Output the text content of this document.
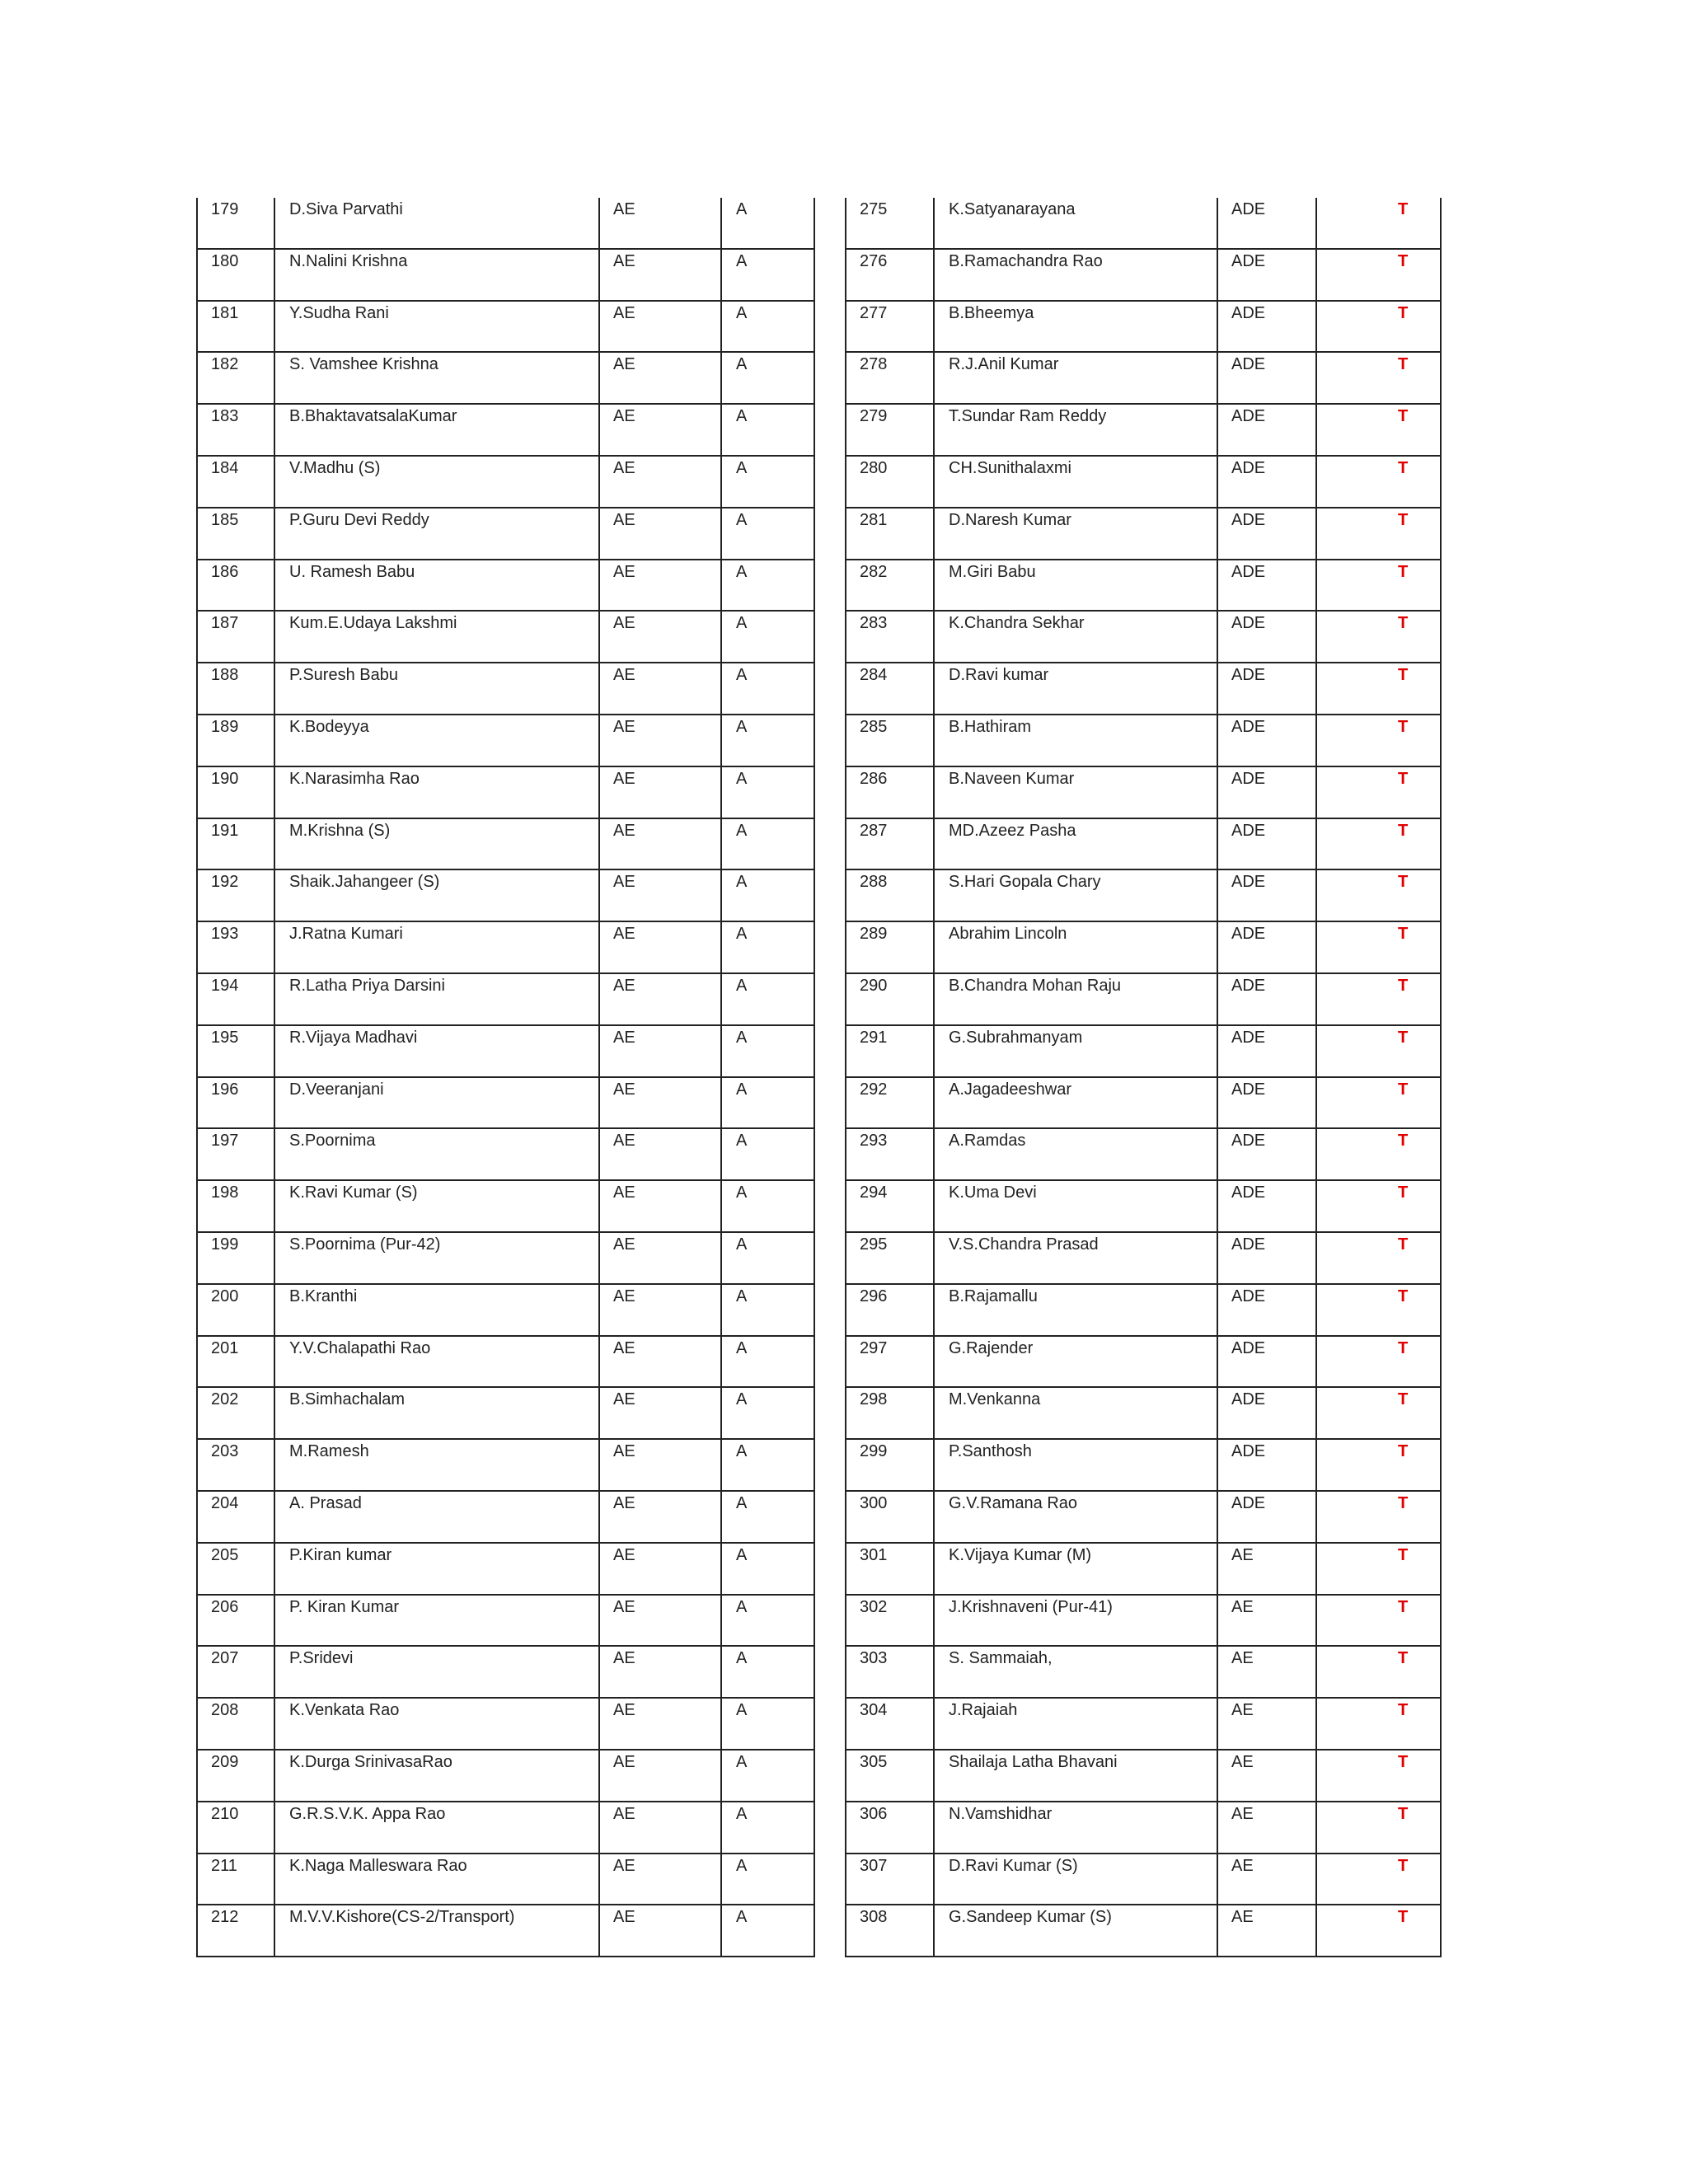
179	D.Siva Parvathi	AE	A

180	N.Nalini Krishna	AE	A

181	Y.Sudha Rani	AE	A

182	S. Vamshee Krishna	AE	A

183	B.BhaktavatsalaKumar	AE	A

184	V.Madhu (S)	AE	A

185	P.Guru Devi Reddy	AE	A

186	U. Ramesh Babu	AE	A

187	Kum.E.Udaya Lakshmi	AE	A

188	P.Suresh Babu	AE	A

189	K.Bodeyya	AE	A

190	K.Narasimha Rao	AE	A

191	M.Krishna (S)	AE	A

192	Shaik.Jahangeer (S)	AE	A

193	J.Ratna Kumari	AE	A

194	R.Latha Priya Darsini	AE	A

195	R.Vijaya Madhavi	AE	A

196	D.Veeranjani	AE	A

197	S.Poornima	AE	A

198	K.Ravi Kumar (S)	AE	A

199	S.Poornima (Pur-42)	AE	A

200	B.Kranthi	AE	A

201	Y.V.Chalapathi Rao	AE	A

202	B.Simhachalam	AE	A

203	M.Ramesh	AE	A

204	A. Prasad	AE	A

205	P.Kiran kumar	AE	A

206	P. Kiran Kumar	AE	A

207	P.Sridevi	AE	A

208	K.Venkata Rao	AE	A

209	K.Durga SrinivasaRao	AE	A

210	G.R.S.V.K. Appa Rao	AE	A

211	K.Naga Malleswara Rao	AE	A

212	M.V.V.Kishore(CS-2/Transport)	AE	A
275	K.Satyanarayana	ADE	T

276	B.Ramachandra Rao	ADE	T

277	B.Bheemya	ADE	T

278	R.J.Anil Kumar	ADE	T

279	T.Sundar Ram Reddy	ADE	T

280	CH.Sunithalaxmi	ADE	T

281	D.Naresh Kumar	ADE	T

282	M.Giri Babu	ADE	T

283	K.Chandra Sekhar	ADE	T

284	D.Ravi kumar	ADE	T

285	B.Hathiram	ADE	T

286	B.Naveen Kumar	ADE	T

287	MD.Azeez Pasha	ADE	T

288	S.Hari Gopala Chary	ADE	T

289	Abrahim Lincoln	ADE	T

290	B.Chandra Mohan Raju	ADE	T

291	G.Subrahmanyam	ADE	T

292	A.Jagadeeshwar	ADE	T

293	A.Ramdas	ADE	T

294	K.Uma Devi	ADE	T

295	V.S.Chandra Prasad	ADE	T

296	B.Rajamallu	ADE	T

297	G.Rajender	ADE	T

298	M.Venkanna	ADE	T

299	P.Santhosh	ADE	T

300	G.V.Ramana Rao	ADE	T

301	K.Vijaya Kumar (M)	AE	T

302	J.Krishnaveni (Pur-41)	AE	T

303	S. Sammaiah,	AE	T

304	J.Rajaiah	AE	T

305	Shailaja Latha Bhavani	AE	T

306	N.Vamshidhar	AE	T

307	D.Ravi Kumar (S)	AE	T

308	G.Sandeep Kumar (S)	AE	T
